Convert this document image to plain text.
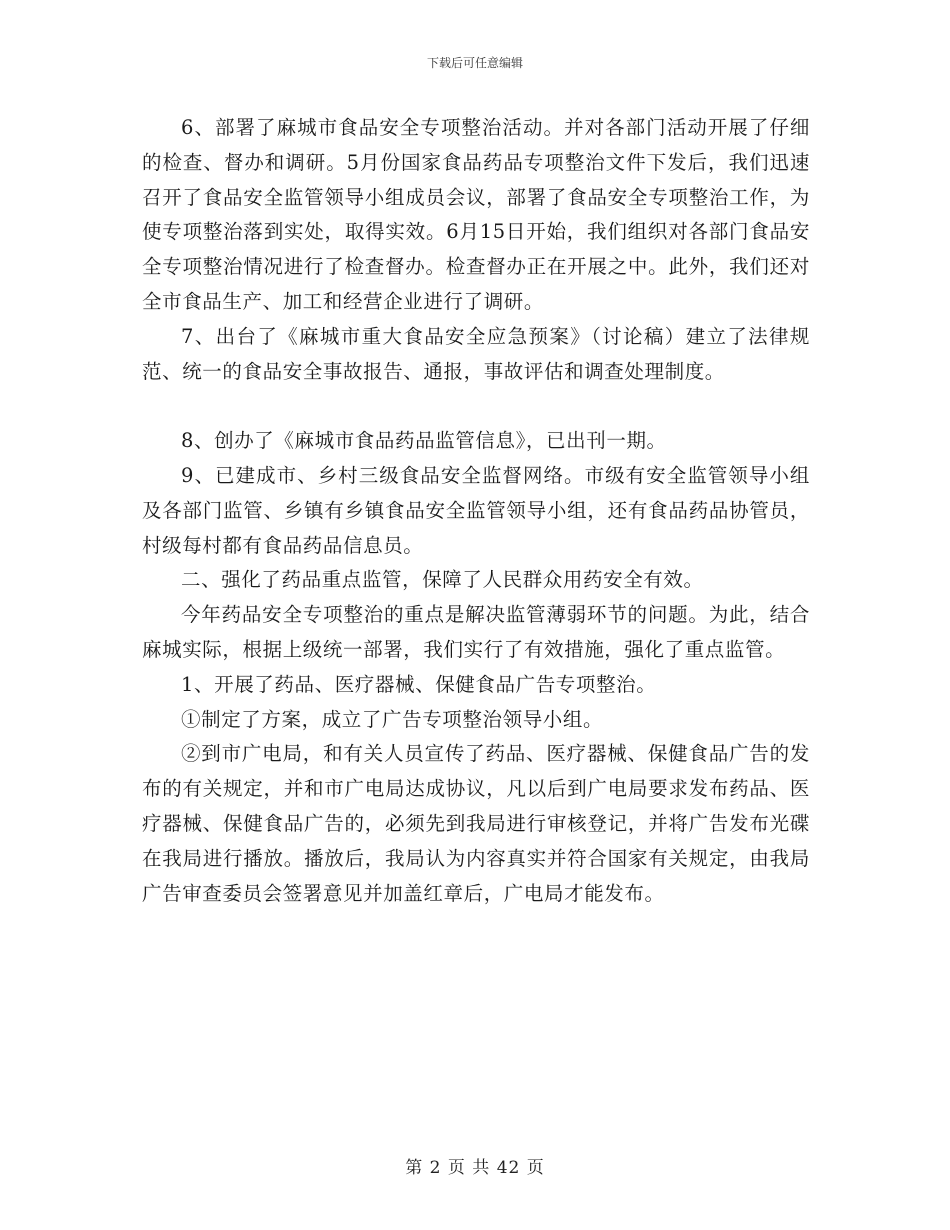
下载后可任意编辑

6、部署了麻城市食品安全专项整治活动。并对各部门活动开展了仔细的检查、督办和调研。5月份国家食品药品专项整治文件下发后，我们迅速召开了食品安全监管领导小组成员会议，部署了食品安全专项整治工作，为使专项整治落到实处，取得实效。6月15日开始，我们组织对各部门食品安全专项整治情况进行了检查督办。检查督办正在开展之中。此外，我们还对全市食品生产、加工和经营企业进行了调研。

7、出台了《麻城市重大食品安全应急预案》（讨论稿）建立了法律规范、统一的食品安全事故报告、通报，事故评估和调查处理制度。

8、创办了《麻城市食品药品监管信息》，已出刊一期。

9、已建成市、乡村三级食品安全监督网络。市级有安全监管领导小组及各部门监管、乡镇有乡镇食品安全监管领导小组，还有食品药品协管员，村级每村都有食品药品信息员。

二、强化了药品重点监管，保障了人民群众用药安全有效。

今年药品安全专项整治的重点是解决监管薄弱环节的问题。为此，结合麻城实际，根据上级统一部署，我们实行了有效措施，强化了重点监管。

1、开展了药品、医疗器械、保健食品广告专项整治。

①制定了方案，成立了广告专项整治领导小组。

②到市广电局，和有关人员宣传了药品、医疗器械、保健食品广告的发布的有关规定，并和市广电局达成协议，凡以后到广电局要求发布药品、医疗器械、保健食品广告的，必须先到我局进行审核登记，并将广告发布光碟在我局进行播放。播放后，我局认为内容真实并符合国家有关规定，由我局广告审查委员会签署意见并加盖红章后，广电局才能发布。

第 2 页 共 42 页
